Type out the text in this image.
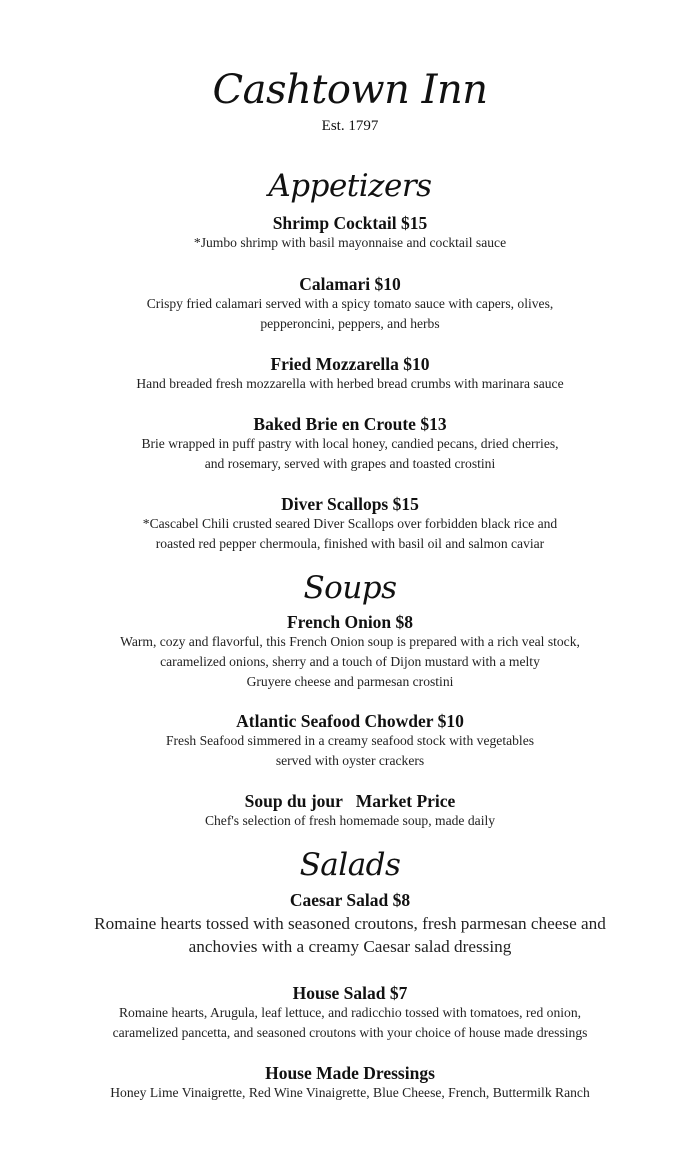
Cashtown Inn
Est. 1797
Appetizers
Shrimp Cocktail $15
*Jumbo shrimp with basil mayonnaise and cocktail sauce
Calamari $10
Crispy fried calamari served with a spicy tomato sauce with capers, olives,
pepperoncini, peppers, and herbs
Fried Mozzarella $10
Hand breaded fresh mozzarella with herbed bread crumbs with marinara sauce
Baked Brie en Croute $13
Brie wrapped in puff pastry with local honey, candied pecans, dried cherries,
and rosemary, served with grapes and toasted crostini
Diver Scallops $15
*Cascabel Chili crusted seared Diver Scallops over forbidden black rice and
roasted red pepper chermoula, finished with basil oil and salmon caviar
Soups
French Onion $8
Warm, cozy and flavorful, this French Onion soup is prepared with a rich veal stock,
caramelized onions, sherry and a touch of Dijon mustard with a melty
Gruyere cheese and parmesan crostini
Atlantic Seafood Chowder $10
Fresh Seafood simmered in a creamy seafood stock with vegetables
served with oyster crackers
Soup du jour   Market Price
Chef's selection of fresh homemade soup, made daily
Salads
Caesar Salad $8
Romaine hearts tossed with seasoned croutons, fresh parmesan cheese and
anchovies with a creamy Caesar salad dressing
House Salad $7
Romaine hearts, Arugula, leaf lettuce, and radicchio tossed with tomatoes, red onion,
caramelized pancetta, and seasoned croutons with your choice of house made dressings
House Made Dressings
Honey Lime Vinaigrette, Red Wine Vinaigrette, Blue Cheese, French, Buttermilk Ranch
